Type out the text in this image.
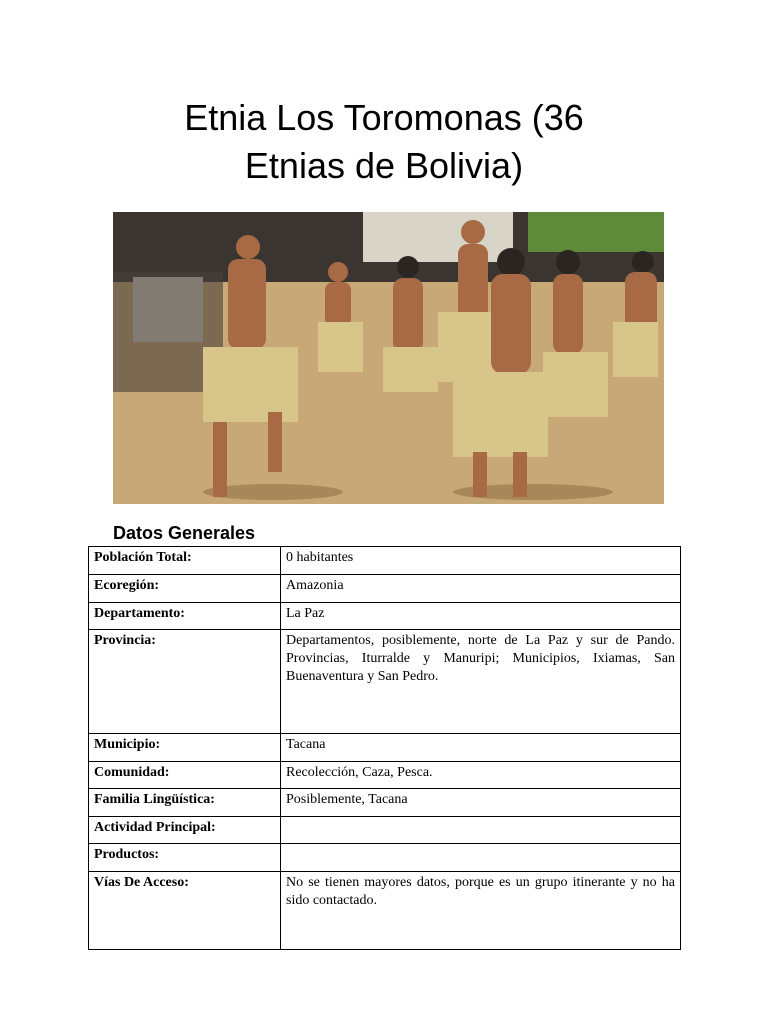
Etnia Los Toromonas (36
Etnias de Bolivia)
Datos Generales
Población Total:	0 habitantes
Ecoregión:	Amazonia
Departamento:	La Paz
Provincia:	Departamentos, posiblemente, norte de La Paz y sur de Pando. Provincias, Iturralde y Manuripi; Municipios, Ixiamas, San Buenaventura y San Pedro.
Municipio:	Tacana
Comunidad:	Recolección, Caza, Pesca.
Familia Lingüística:	Posiblemente, Tacana
Actividad Principal:	
Productos:	
Vías De Acceso:	No se tienen mayores datos, porque es un grupo itinerante y no ha sido contactado.
